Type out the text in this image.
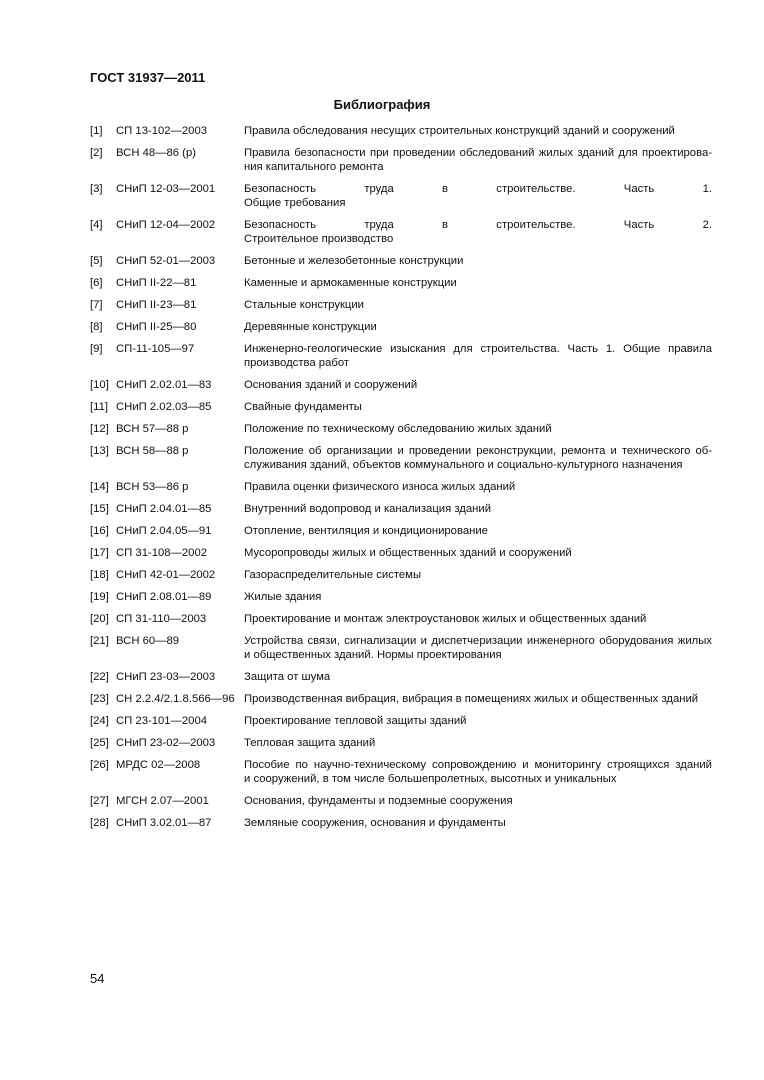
ГОСТ 31937—2011
Библиография
[1]	СП 13-102—2003	Правила обследования несущих строительных конструкций зданий и сооружений
[2]	ВСН 48—86 (р)	Правила безопасности при проведении обследований жилых зданий для проектирова-
ния капитального ремонта
[3]	СНиП 12-03—2001	Безопасность труда в строительстве. Часть 1.
Общие требования
[4]	СНиП 12-04—2002	Безопасность труда в строительстве. Часть 2.
Строительное производство
[5]	СНиП 52-01—2003	Бетонные и железобетонные конструкции
[6]	СНиП II-22—81	Каменные и армокаменные конструкции
[7]	СНиП II-23—81	Стальные конструкции
[8]	СНиП II-25—80	Деревянные конструкции
[9]	СП-11-105—97	Инженерно-геологические изыскания для строительства. Часть 1. Общие правила
производства работ
[10] СНиП 2.02.01—83	Основания зданий и сооружений
[11] СНиП 2.02.03—85	Свайные фундаменты
[12] ВСН 57—88 р	Положение по техническому обследованию жилых зданий
[13] ВСН 58—88 р	Положение об организации и проведении реконструкции, ремонта и технического об-
служивания зданий, объектов коммунального и социально-культурного назначения
[14] ВСН 53—86 р	Правила оценки физического износа жилых зданий
[15] СНиП 2.04.01—85	Внутренний водопровод и канализация зданий
[16] СНиП 2.04.05—91	Отопление, вентиляция и кондиционирование
[17] СП 31-108—2002	Мусоропроводы жилых и общественных зданий и сооружений
[18] СНиП 42-01—2002	Газораспределительные системы
[19] СНиП 2.08.01—89	Жилые здания
[20] СП 31-110—2003	Проектирование и монтаж электроустановок жилых и общественных зданий
[21] ВСН 60—89	Устройства связи, сигнализации и диспетчеризации инженерного оборудования жилых
и общественных зданий. Нормы проектирования
[22] СНиП 23-03—2003	Защита от шума
[23] СН 2.2.4/2.1.8.566—96 Производственная вибрация, вибрация в помещениях жилых и общественных зданий
[24] СП 23-101—2004	Проектирование тепловой защиты зданий
[25] СНиП 23-02—2003	Тепловая защита зданий
[26] МРДС 02—2008	Пособие по научно-техническому сопровождению и мониторингу строящихся зданий
и сооружений, в том числе большепролетных, высотных и уникальных
[27] МГСН 2.07—2001	Основания, фундаменты и подземные сооружения
[28] СНиП 3.02.01—87	Земляные сооружения, основания и фундаменты
54
